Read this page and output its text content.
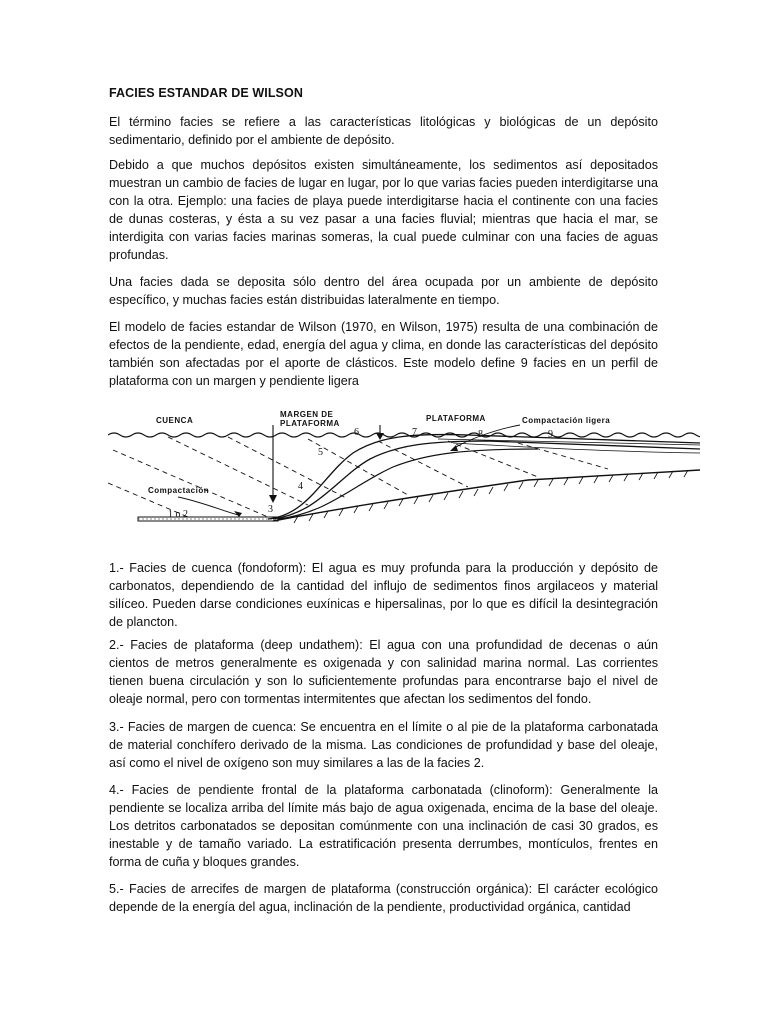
FACIES ESTANDAR DE WILSON

El término facies se refiere a las características litológicas y biológicas de un depósito sedimentario, definido por el ambiente de depósito.

Debido a que muchos depósitos existen simultáneamente, los sedimentos así depositados muestran un cambio de facies de lugar en lugar, por lo que varias facies pueden interdigitarse una con la otra. Ejemplo: una facies de playa puede interdigitarse hacia el continente con una facies de dunas costeras, y ésta a su vez pasar a una facies fluvial; mientras que hacia el mar, se interdigita con varias facies marinas someras, la cual puede culminar con una facies de aguas profundas.

Una facies dada se deposita sólo dentro del área ocupada por un ambiente de depósito específico, y muchas facies están distribuidas lateralmente en tiempo.

El modelo de facies estandar de Wilson (1970, en Wilson, 1975) resulta de una combinación de efectos de la pendiente, edad, energía del agua y clima, en donde las características del depósito también son afectadas por el aporte de clásticos. Este modelo define 9 facies en un perfil de plataforma con un margen y pendiente ligera

CUENCA
MARGEN DE
PLATAFORMA
PLATAFORMA	Compactación ligera
Compactación
1 o 2	3
4
5
6	7	8	9

1.- Facies de cuenca (fondoform): El agua es muy profunda para la producción y depósito de carbonatos, dependiendo de la cantidad del influjo de sedimentos finos argilaceos y material silíceo. Pueden darse condiciones euxínicas e hipersalinas, por lo que es difícil la desintegración de plancton.

2.- Facies de plataforma (deep undathem): El agua con una profundidad de decenas o aún cientos de metros generalmente es oxigenada y con salinidad marina normal. Las corrientes tienen buena circulación y son lo suficientemente profundas para encontrarse bajo el nivel de oleaje normal, pero con tormentas intermitentes que afectan los sedimentos del fondo.

3.- Facies de margen de cuenca: Se encuentra en el límite o al pie de la plataforma carbonatada de material conchífero derivado de la misma. Las condiciones de profundidad y base del oleaje, así como el nivel de oxígeno son muy similares a las de la facies 2.

4.- Facies de pendiente frontal de la plataforma carbonatada (clinoform): Generalmente la pendiente se localiza arriba del límite más bajo de agua oxigenada, encima de la base del oleaje. Los detritos carbonatados se depositan comúnmente con una inclinación de casi 30 grados, es inestable y de tamaño variado. La estratificación presenta derrumbes, montículos, frentes en forma de cuña y bloques grandes.

5.- Facies de arrecifes de margen de plataforma (construcción orgánica): El carácter ecológico depende de la energía del agua, inclinación de la pendiente, productividad orgánica, cantidad
